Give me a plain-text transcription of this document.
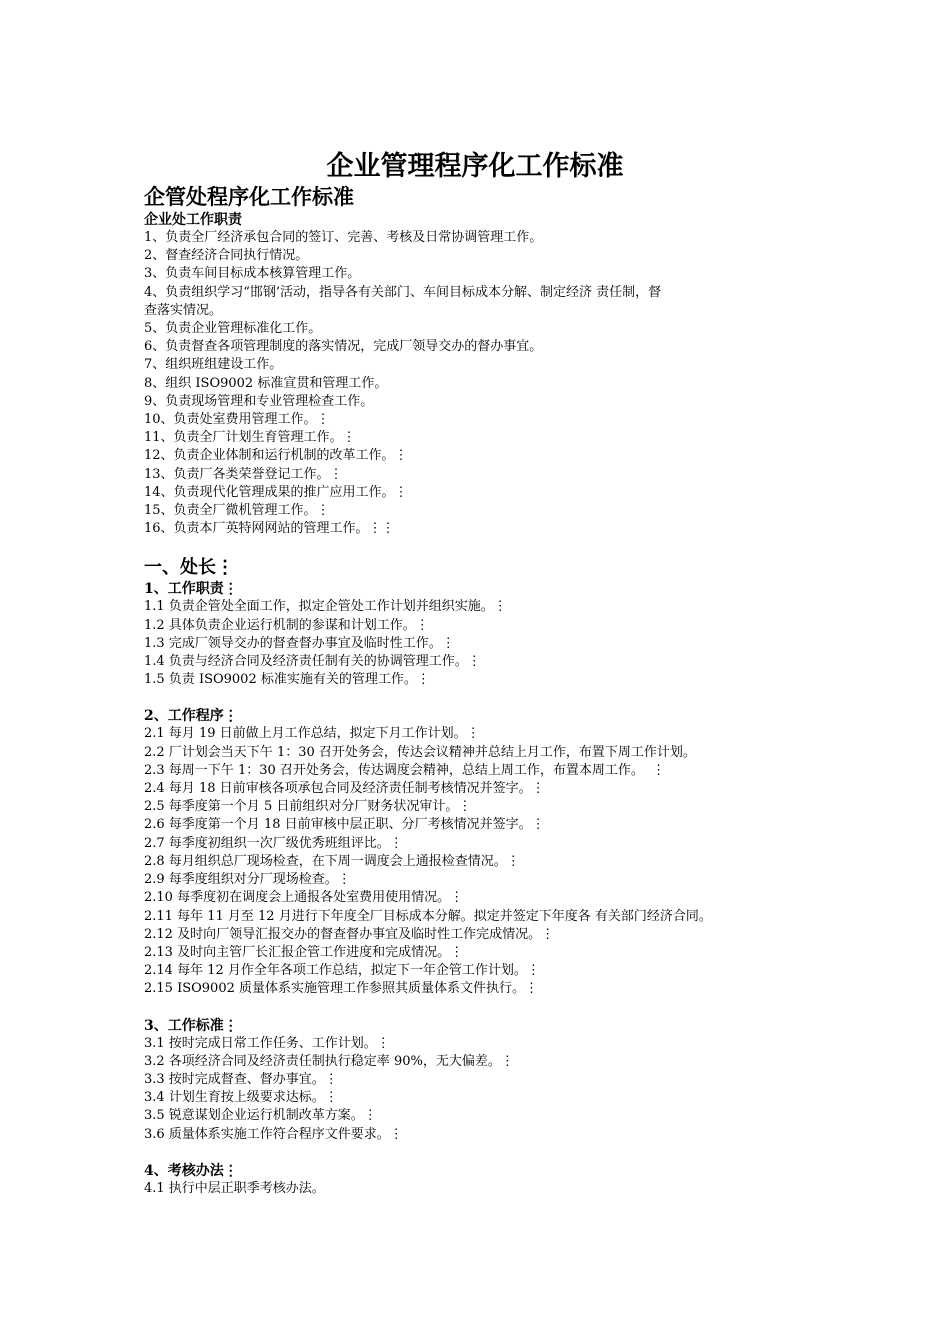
企业管理程序化工作标准
企管处程序化工作标准
企业处工作职责
1、负责全厂经济承包合同的签订、完善、考核及日常协调管理工作。
2、督查经济合同执行情况。
3、负责车间目标成本核算管理工作。
4、负责组织学习“邯钢’活动，指导各有关部门、车间目标成本分解、制定经济 责任制，督
查落实情况。
5、负责企业管理标准化工作。
6、负责督查各项管理制度的落实情况，完成厂领导交办的督办事宜。
7、组织班组建设工作。
8、组织 ISO9002 标准宣贯和管理工作。
9、负责现场管理和专业管理检查工作。
10、负责处室费用管理工作。⋮
11、负责全厂计划生育管理工作。⋮
12、负责企业体制和运行机制的改革工作。⋮
13、负责厂各类荣誉登记工作。⋮
14、负责现代化管理成果的推广应用工作。⋮
15、负责全厂微机管理工作。⋮
16、负责本厂英特网网站的管理工作。⋮⋮
一、处长⋮
1、工作职责⋮
1.1 负责企管处全面工作，拟定企管处工作计划并组织实施。⋮
1.2 具体负责企业运行机制的参谋和计划工作。⋮
1.3 完成厂领导交办的督查督办事宜及临时性工作。⋮
1.4 负责与经济合同及经济责任制有关的协调管理工作。⋮
1.5 负责 ISO9002 标准实施有关的管理工作。⋮
2、工作程序⋮
2.1 每月 19 日前做上月工作总结，拟定下月工作计划。⋮
2.2 厂计划会当天下午 1：30 召开处务会，传达会议精神并总结上月工作，布置下周工作计划。
2.3 每周一下午 1：30 召开处务会，传达调度会精神，总结上周工作，布置本周工作。  ⋮
2.4 每月 18 日前审核各项承包合同及经济责任制考核情况并签字。⋮
2.5 每季度第一个月 5 日前组织对分厂财务状况审计。⋮
2.6 每季度第一个月 18 日前审核中层正职、分厂考核情况并签字。⋮
2.7 每季度初组织一次厂级优秀班组评比。⋮
2.8 每月组织总厂现场检查，在下周一调度会上通报检查情况。⋮
2.9 每季度组织对分厂现场检查。⋮
2.10 每季度初在调度会上通报各处室费用使用情况。⋮
2.11 每年 11 月至 12 月进行下年度全厂目标成本分解。拟定并签定下年度各 有关部门经济合同。
2.12 及时向厂领导汇报交办的督查督办事宜及临时性工作完成情况。⋮
2.13 及时向主管厂长汇报企管工作进度和完成情况。⋮
2.14 每年 12 月作全年各项工作总结，拟定下一年企管工作计划。⋮
2.15 ISO9002 质量体系实施管理工作参照其质量体系文件执行。⋮
3、工作标准⋮
3.1 按时完成日常工作任务、工作计划。⋮
3.2 各项经济合同及经济责任制执行稳定率 90%，无大偏差。⋮
3.3 按时完成督查、督办事宜。⋮
3.4 计划生育按上级要求达标。⋮
3.5 锐意谋划企业运行机制改革方案。⋮
3.6 质量体系实施工作符合程序文件要求。⋮
4、考核办法⋮
4.1 执行中层正职季考核办法。
